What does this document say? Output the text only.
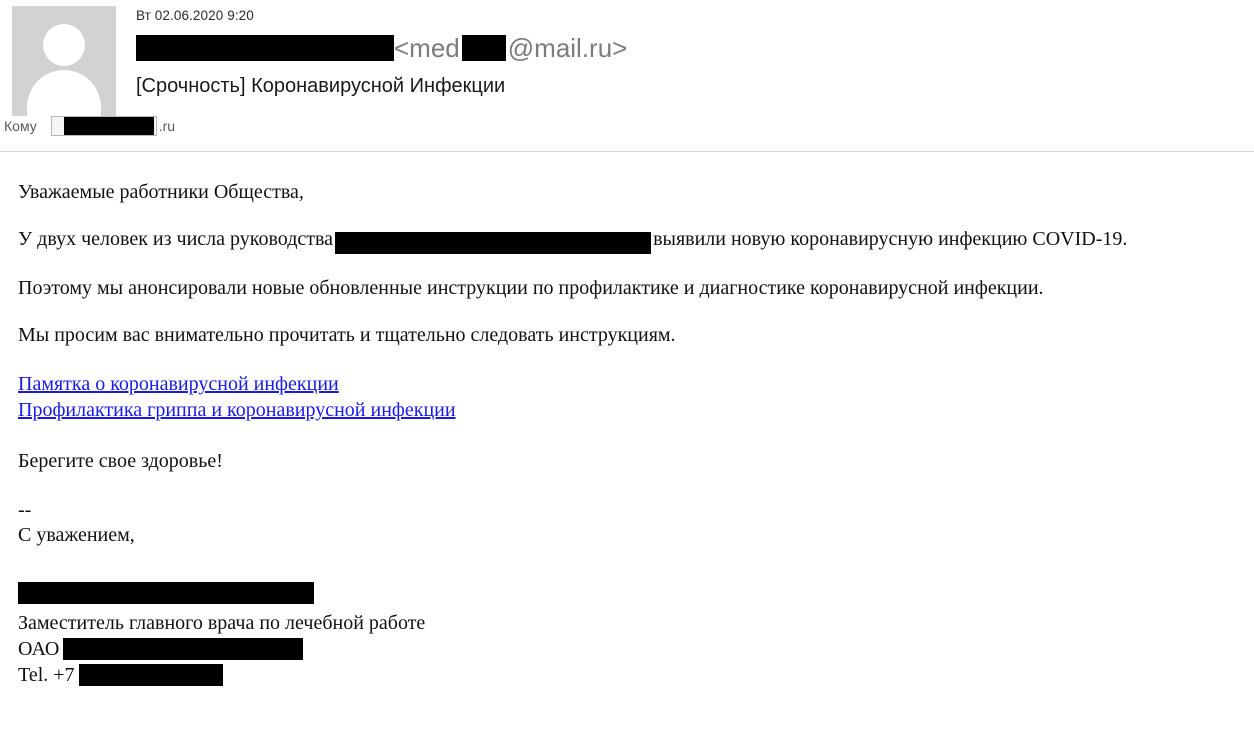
Вт 02.06.2020 9:20
<med @mail.ru>
[Срочность] Коронавирусной Инфекции
Кому	.ru

Уважаемые работники Общества,

У двух человек из числа руководства	выявили новую коронавирусную инфекцию COVID-19.

Поэтому мы анонсировали новые обновленные инструкции по профилактике и диагностике коронавирусной инфекции.

Мы просим вас внимательно прочитать и тщательно следовать инструкциям.

Памятка о коронавирусной инфекции
Профилактика гриппа и коронавирусной инфекции

Берегите свое здоровье!

--

С уважением,

Заместитель главного врача по лечебной работе
ОАО
Tel. +7
